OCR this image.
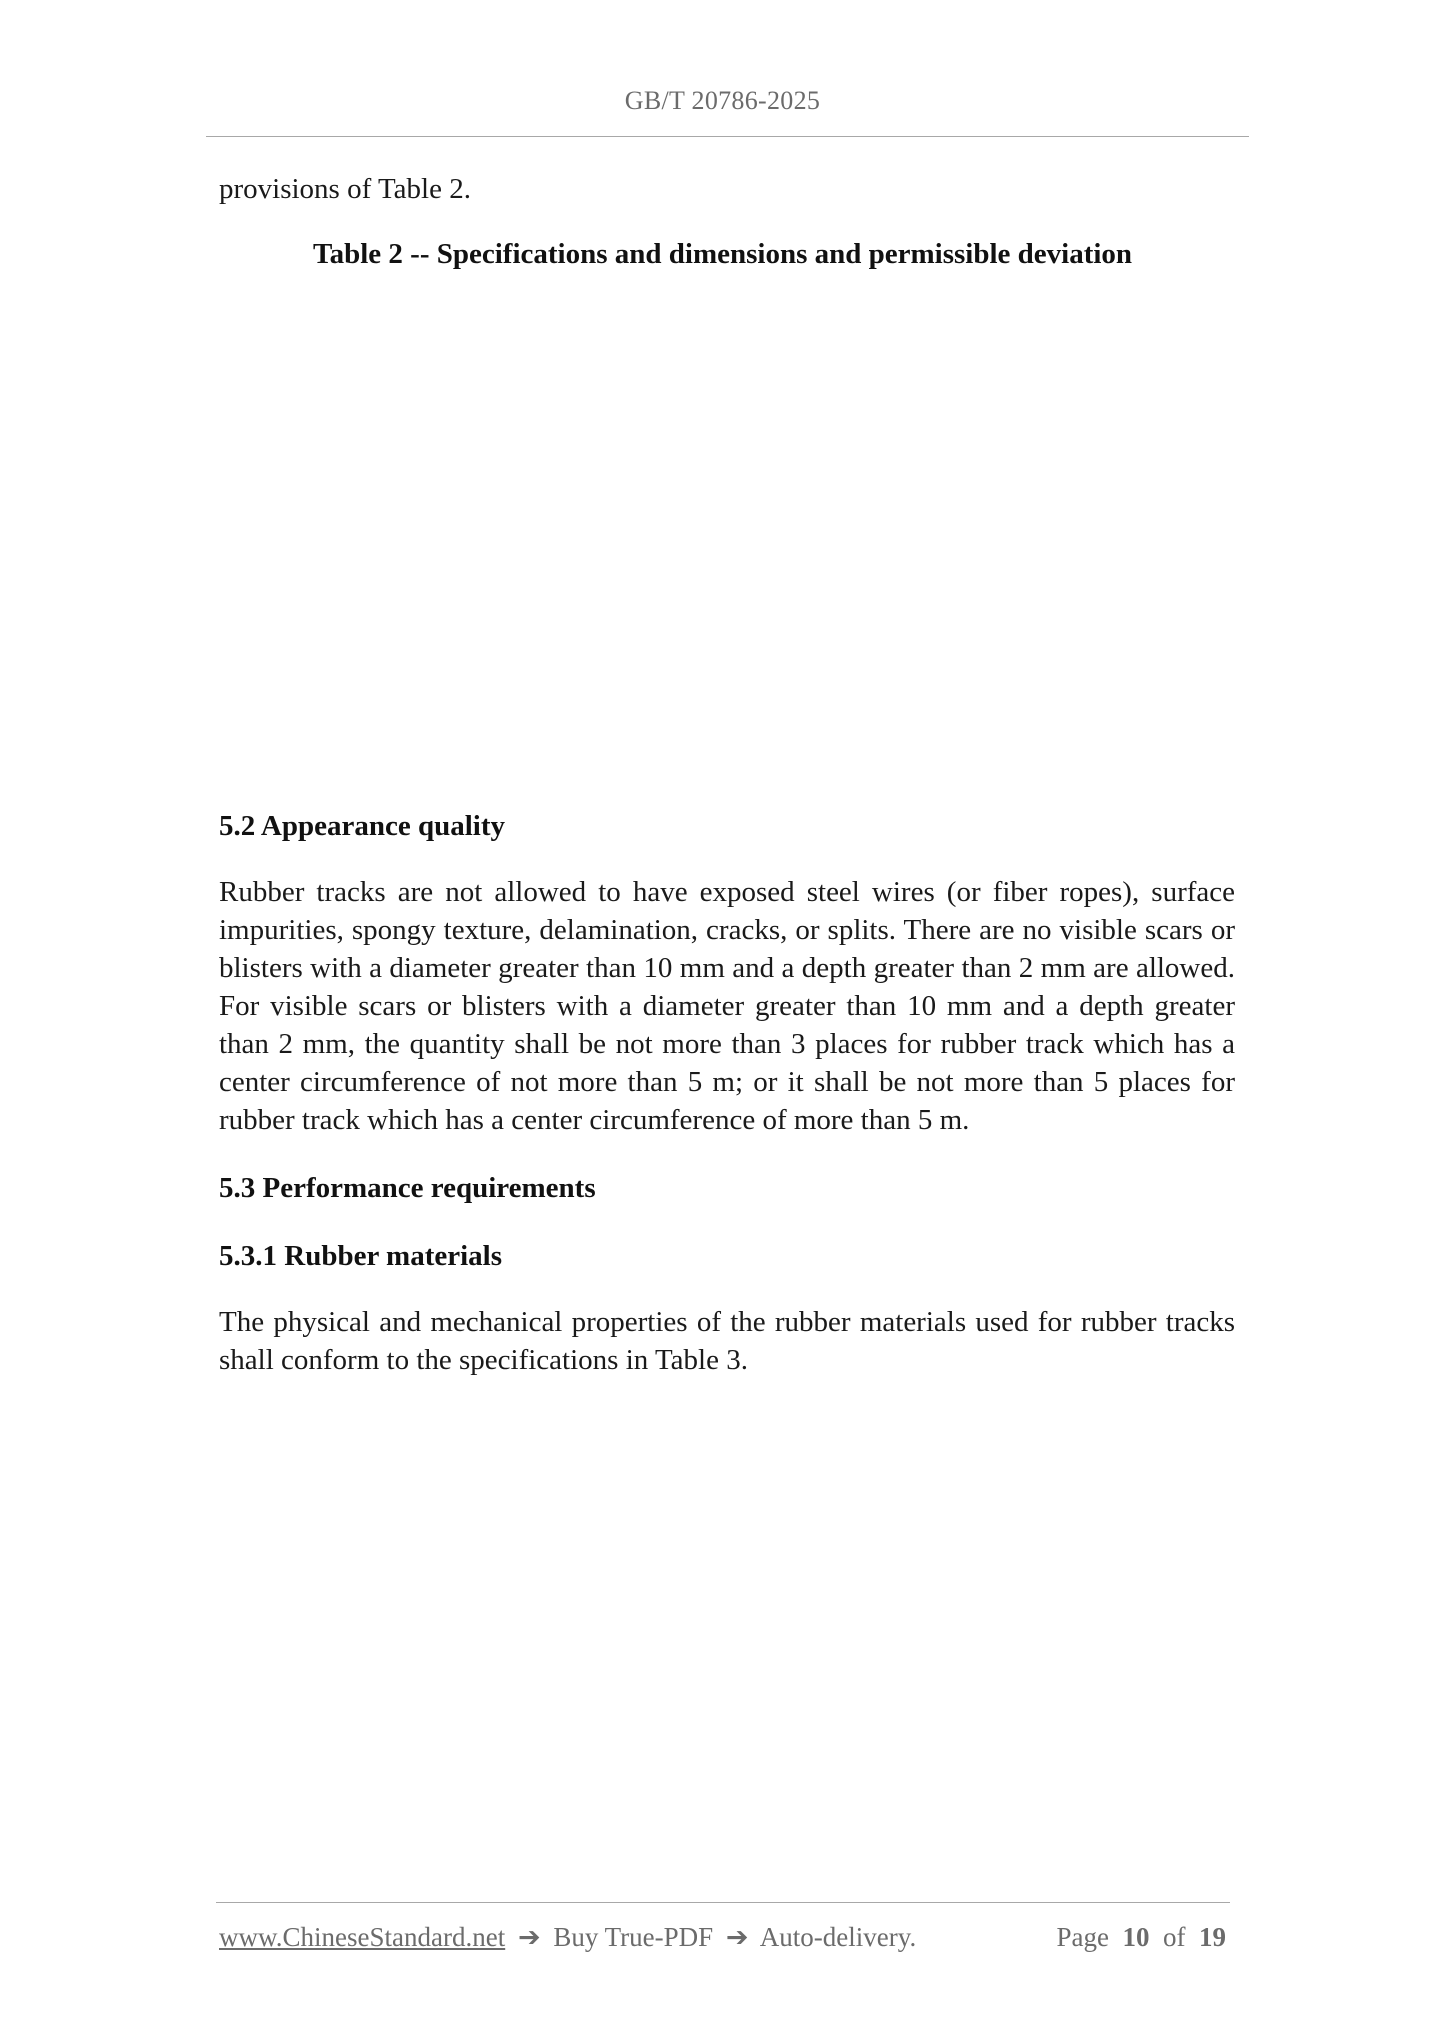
GB/T 20786-2025

provisions of Table 2.

Table 2 -- Specifications and dimensions and permissible deviation

5.2 Appearance quality

Rubber tracks are not allowed to have exposed steel wires (or fiber ropes), surface impurities, spongy texture, delamination, cracks, or splits. There are no visible scars or blisters with a diameter greater than 10 mm and a depth greater than 2 mm are allowed. For visible scars or blisters with a diameter greater than 10 mm and a depth greater than 2 mm, the quantity shall be not more than 3 places for rubber track which has a center circumference of not more than 5 m; or it shall be not more than 5 places for rubber track which has a center circumference of more than 5 m.

5.3 Performance requirements

5.3.1 Rubber materials

The physical and mechanical properties of the rubber materials used for rubber tracks shall conform to the specifications in Table 3.

www.ChineseStandard.net ➔ Buy True-PDF ➔ Auto-delivery.	Page 10 of 19
